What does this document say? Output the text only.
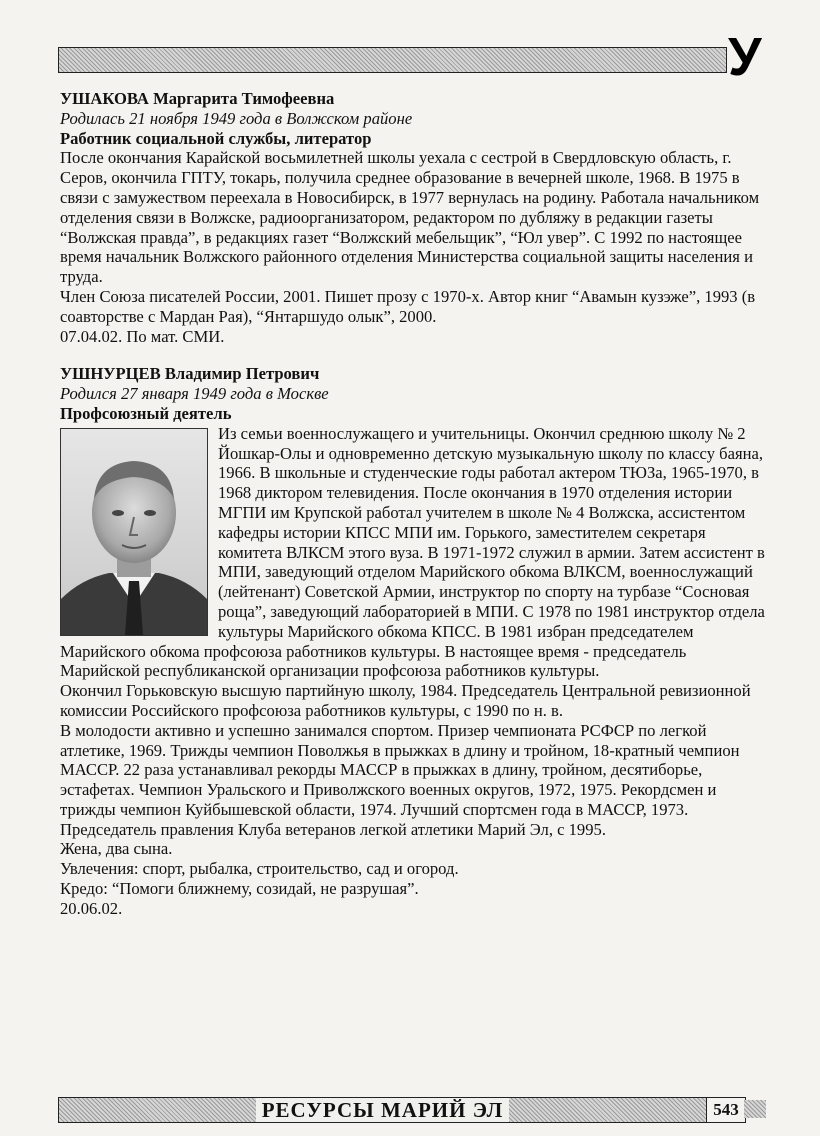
У

УШАКОВА Маргарита Тимофеевна

Родилась 21 ноября 1949 года в Волжском районе

Работник социальной службы, литератор

После окончания Карайской восьмилетней школы уехала с сестрой в Свердловскую область, г. Серов, окончила ГПТУ, токарь, получила среднее образование в вечерней школе, 1968. В 1975 в связи с замужеством переехала в Новосибирск, в 1977 вернулась на родину. Работала начальником отделения связи в Волжске, радиоорганизатором, редактором по дубляжу в редакции газеты “Волжская правда”, в редакциях газет “Волжский мебельщик”, “Юл увер”. С 1992 по настоящее время начальник Волжского районного отделения Министерства социальной защиты населения и труда.

Член Союза писателей России, 2001. Пишет прозу с 1970-х. Автор книг “Авамын кузэже”, 1993 (в соавторстве с Мардан Рая), “Янтаршудо олык”, 2000.

07.04.02. По мат. СМИ.

УШНУРЦЕВ Владимир Петрович

Родился 27 января 1949 года в Москве

Профсоюзный деятель

Из семьи военнослужащего и учительницы. Окончил среднюю школу № 2 Йошкар-Олы и одновременно детскую музыкальную школу по классу баяна, 1966. В школьные и студенческие годы работал актером ТЮЗа, 1965-1970, в 1968 диктором телевидения. После окончания в 1970 отделения истории МГПИ им Крупской работал учителем в школе № 4 Волжска, ассистентом кафедры истории КПСС МПИ им. Горького, заместителем секретаря комитета ВЛКСМ этого вуза. В 1971-1972 служил в армии. Затем ассистент в МПИ, заведующий отделом Марийского обкома ВЛКСМ, военнослужащий (лейтенант) Советской Армии, инструктор по спорту на турбазе “Сосновая роща”, заведующий лабораторией в МПИ. С 1978 по 1981 инструктор отдела культуры Марийского обкома КПСС. В 1981 избран председателем Марийского обкома профсоюза работников культуры. В настоящее время - председатель Марийской республиканской организации профсоюза работников культуры.

Окончил Горьковскую высшую партийную школу, 1984. Председатель Центральной ревизионной комиссии Российского профсоюза работников культуры, с 1990 по н. в.

В молодости активно и успешно занимался спортом. Призер чемпионата РСФСР по легкой атлетике, 1969. Трижды чемпион Поволжья в прыжках в длину и тройном, 18-кратный чемпион МАССР. 22 раза устанавливал рекорды МАССР в прыжках в длину, тройном, десятиборье, эстафетах. Чемпион Уральского и Приволжского военных округов, 1972, 1975. Рекордсмен и трижды чемпион Куйбышевской области, 1974. Лучший спортсмен года в МАССР, 1973. Председатель правления Клуба ветеранов легкой атлетики Марий Эл, с 1995.

Жена, два сына.

Увлечения: спорт, рыбалка, строительство, сад и огород.

Кредо: “Помоги ближнему, созидай, не разрушая”.

20.06.02.

РЕСУРСЫ МАРИЙ ЭЛ	543
